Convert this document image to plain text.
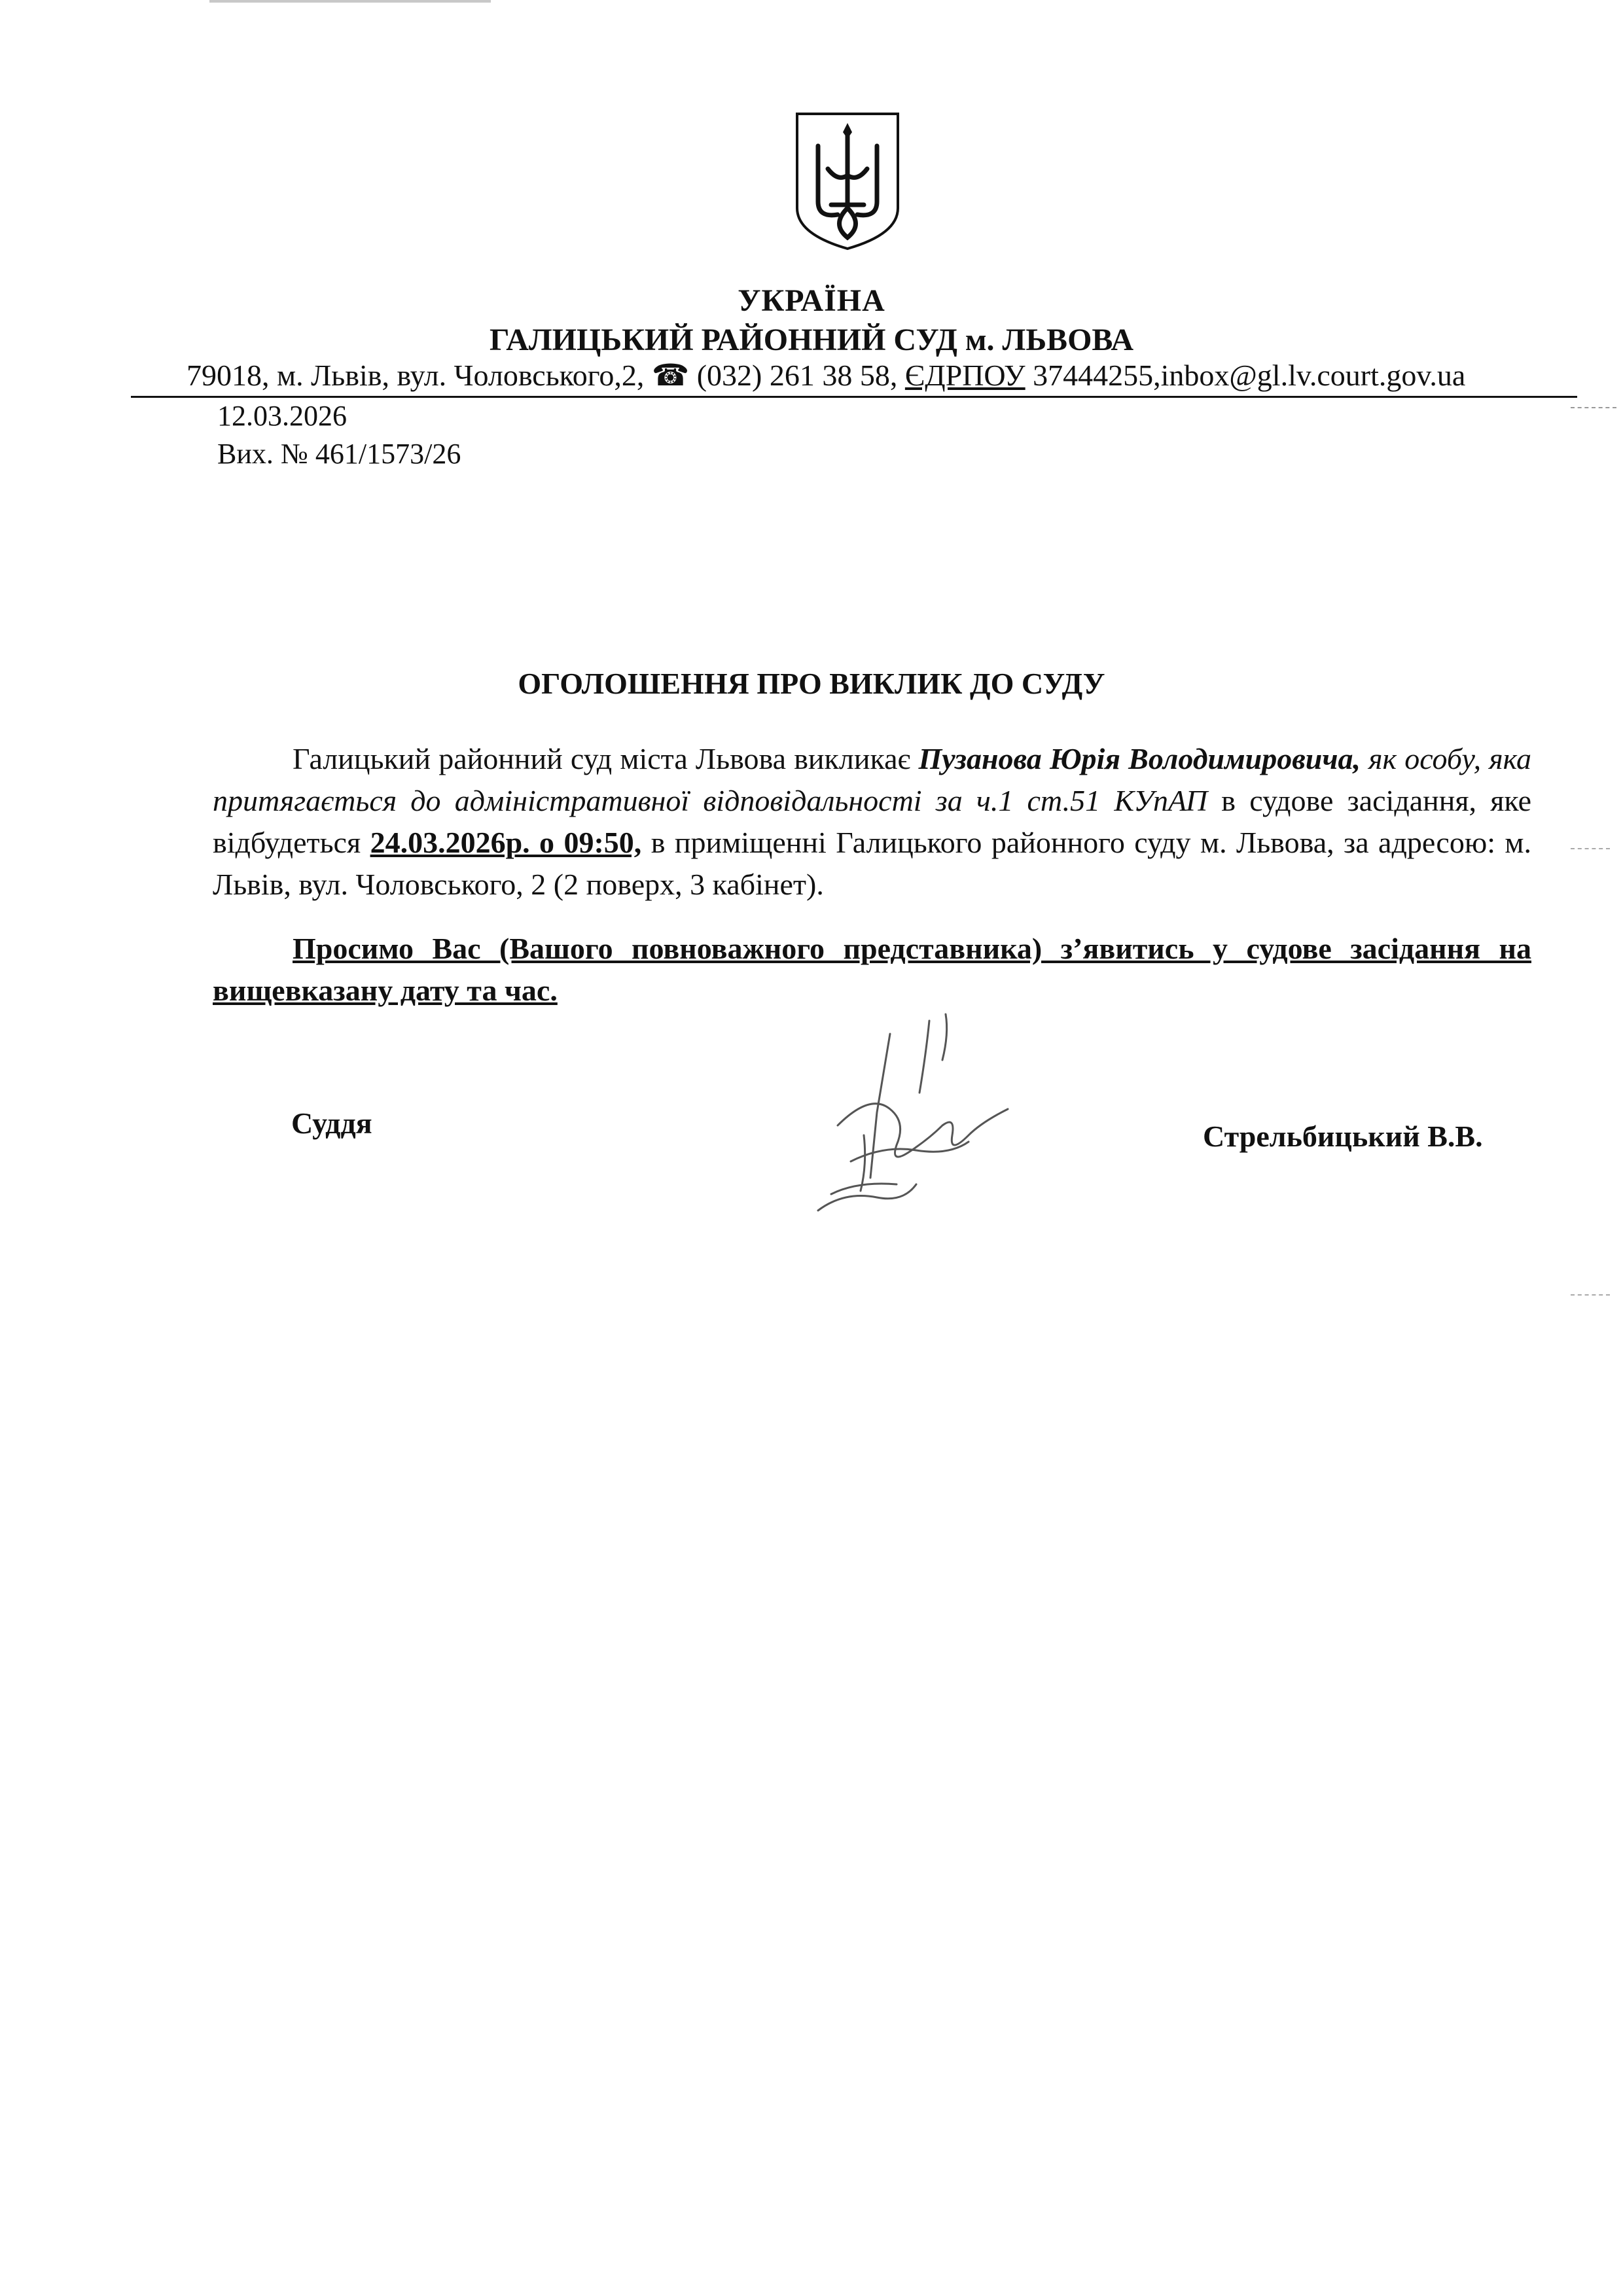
УКРАЇНА
ГАЛИЦЬКИЙ РАЙОННИЙ СУД м. ЛЬВОВА
79018, м. Львів, вул. Чоловського,2, ☎ (032) 261 38 58, ЄДРПОУ 37444255,inbox@gl.lv.court.gov.ua
12.03.2026
Вих. № 461/1573/26
ОГОЛОШЕННЯ ПРО ВИКЛИК ДО СУДУ

Галицький районний суд міста Львова викликає Пузанова Юрія Володимировича, як особу, яка притягається до адміністративної відповідальності за ч.1 ст.51 КУпАП в судове засідання, яке відбудеться 24.03.2026р. о 09:50, в приміщенні Галицького районного суду м. Львова, за адресою: м. Львів, вул. Чоловського, 2 (2 поверх, 3 кабінет).

Просимо Вас (Вашого повноважного представника) з’явитись у судове засідання на вищевказану дату та час.

Суддя	Стрельбицький В.В.
